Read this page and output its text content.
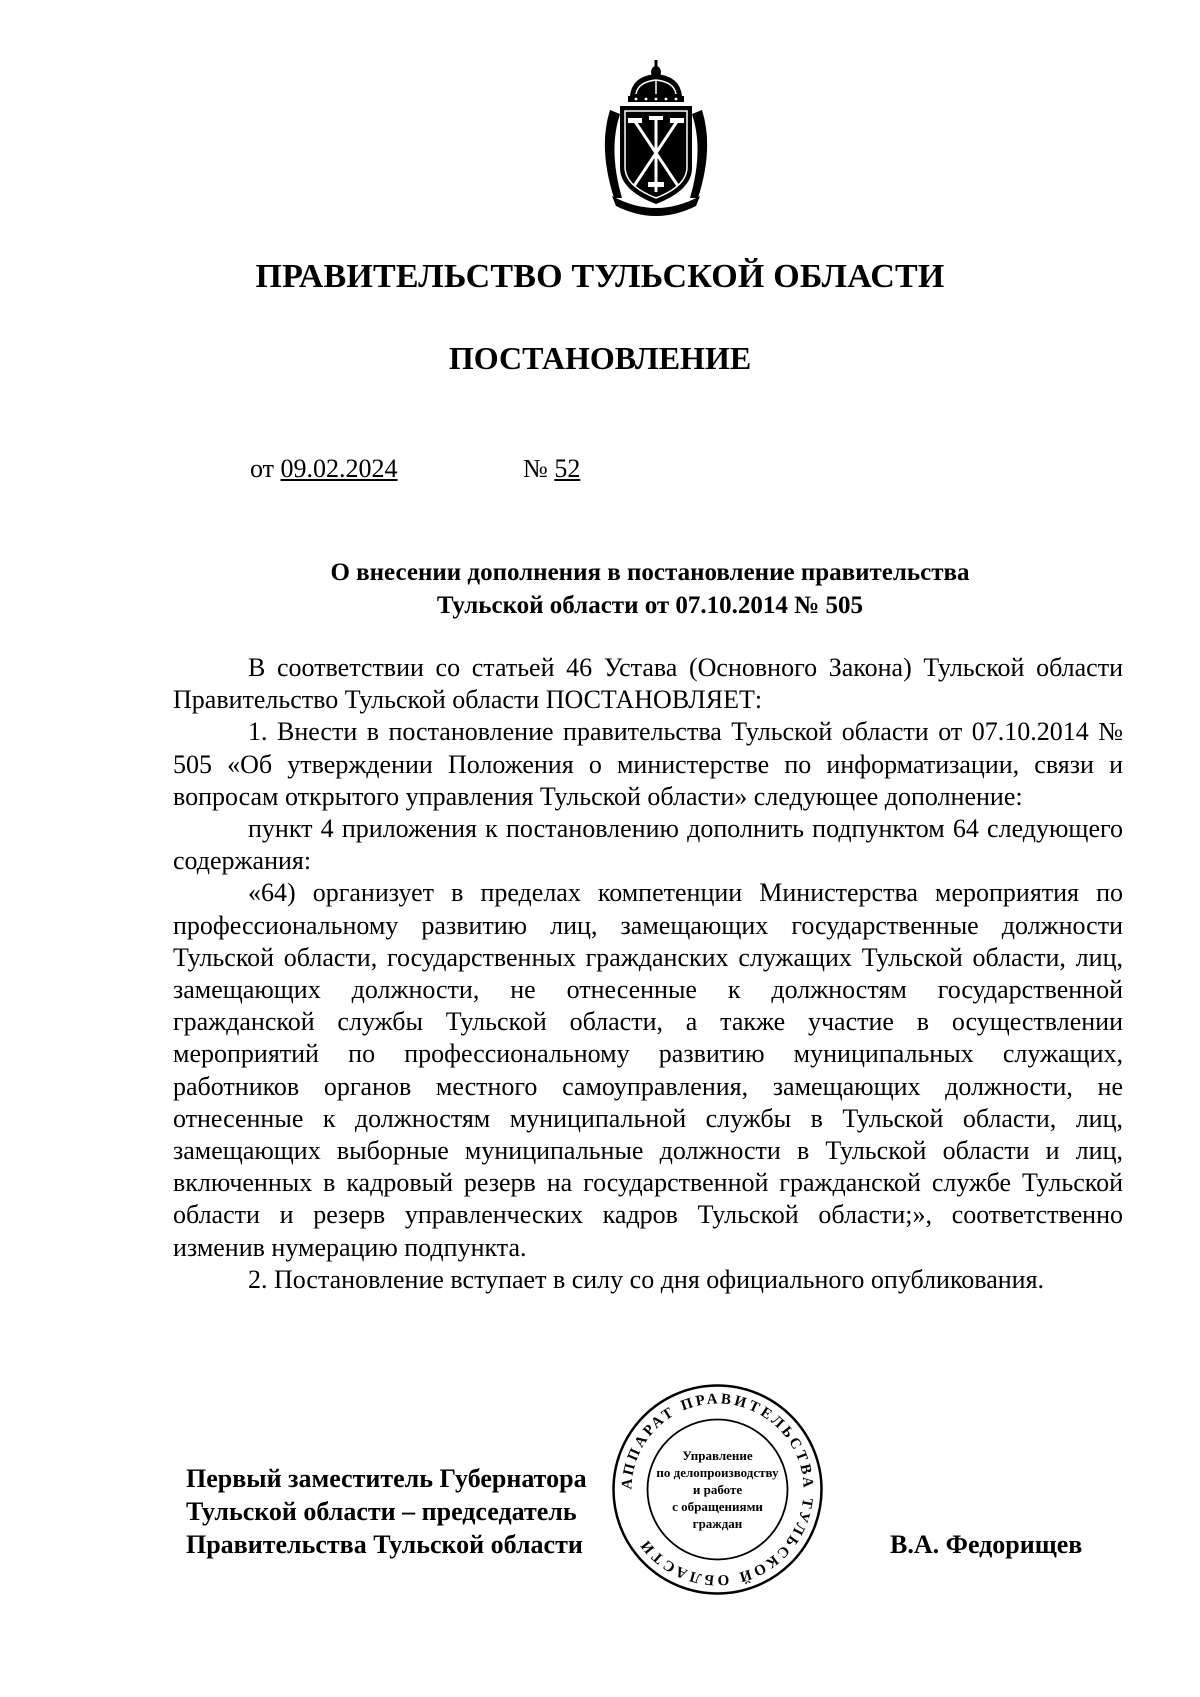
ПРАВИТЕЛЬСТВО ТУЛЬСКОЙ ОБЛАСТИ
ПОСТАНОВЛЕНИЕ
от 09.02.2024	№ 52
О внесении дополнения в постановление правительства
Тульской области от 07.10.2014 № 505

В соответствии со статьей 46 Устава (Основного Закона) Тульской области Правительство Тульской области ПОСТАНОВЛЯЕТ:

1. Внести в постановление правительства Тульской области от 07.10.2014 № 505 «Об утверждении Положения о министерстве по информатизации, связи и вопросам открытого управления Тульской области» следующее дополнение:

пункт 4 приложения к постановлению дополнить подпунктом 64 следующего содержания:

«64) организует в пределах компетенции Министерства мероприятия по профессиональному развитию лиц, замещающих государственные должности Тульской области, государственных гражданских служащих Тульской области, лиц, замещающих должности, не отнесенные к должностям государственной гражданской службы Тульской области, а также участие в осуществлении мероприятий по профессиональному развитию муниципальных служащих, работников органов местного самоуправления, замещающих должности, не отнесенные к должностям муниципальной службы в Тульской области, лиц, замещающих выборные муниципальные должности в Тульской области и лиц, включенных в кадровый резерв на государственной гражданской службе Тульской области и резерв управленческих кадров Тульской области;», соответственно изменив нумерацию подпункта.

2. Постановление вступает в силу со дня официального опубликования.

Первый заместитель Губернатора
Тульской области – председатель
Правительства Тульской области	В.А. Федорищев
АППАРАТ ПРАВИТЕЛЬСТВА ТУЛЬСКОЙ ОБЛАСТИ
Управление
по делопроизводству
и работе
с обращениями
граждан
